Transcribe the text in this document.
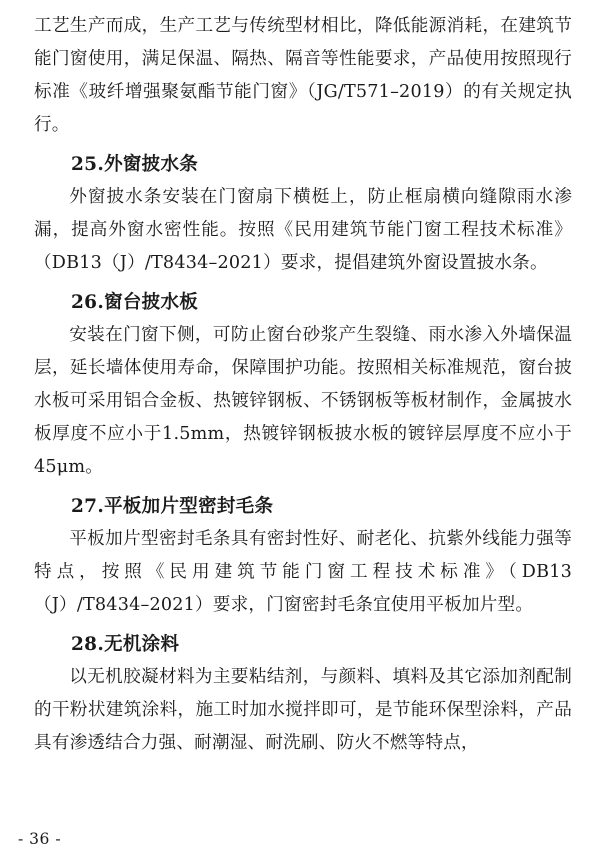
工艺生产而成，生产工艺与传统型材相比，降低能源消耗，在建筑节能门窗使用，满足保温、隔热、隔音等性能要求，产品使用按照现行标准《玻纤增强聚氨酯节能门窗》（JG/T571–2019）的有关规定执行。

25.外窗披水条

外窗披水条安装在门窗扇下横梃上，防止框扇横向缝隙雨水渗漏，提高外窗水密性能。按照《民用建筑节能门窗工程技术标准》（DB13（J）/T8434–2021）要求，提倡建筑外窗设置披水条。

26.窗台披水板

安装在门窗下侧，可防止窗台砂浆产生裂缝、雨水渗入外墙保温层，延长墙体使用寿命，保障围护功能。按照相关标准规范，窗台披水板可采用铝合金板、热镀锌钢板、不锈钢板等板材制作，金属披水板厚度不应小于1.5mm，热镀锌钢板披水板的镀锌层厚度不应小于45μm。

27.平板加片型密封毛条

平板加片型密封毛条具有密封性好、耐老化、抗紫外线能力强等特点，按照《民用建筑节能门窗工程技术标准》（DB13（J）/T8434–2021）要求，门窗密封毛条宜使用平板加片型。

28.无机涂料

以无机胶凝材料为主要粘结剂，与颜料、填料及其它添加剂配制的干粉状建筑涂料，施工时加水搅拌即可，是节能环保型涂料，产品具有渗透结合力强、耐潮湿、耐洗刷、防火不燃等特点，

- 36 -
